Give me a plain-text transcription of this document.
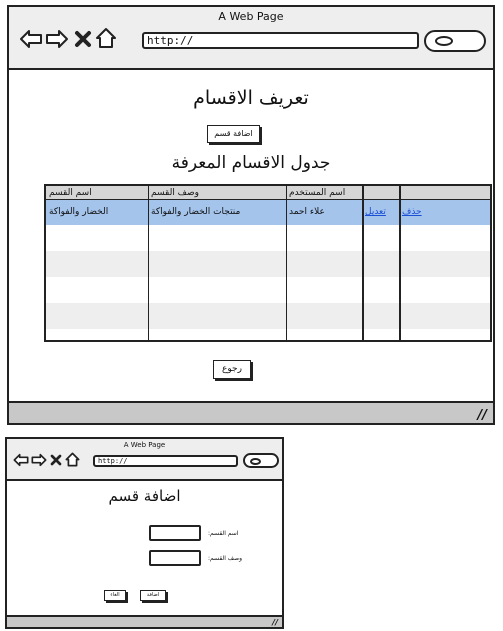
A Web Page
http://
تعريف الاقسام
اضافة قسم
جدول الاقسام المعرفة
//
رجوع
اسم القسم	وصف القسم	اسم المستخدم
الخضار والفواكة	منتجات الخضار والفواكة	علاء احمد	تعديل	حذف
A Web Page
http://
اضافة قسم
اسم القسم:
وصف القسم:
الغاء	اضافة
//
